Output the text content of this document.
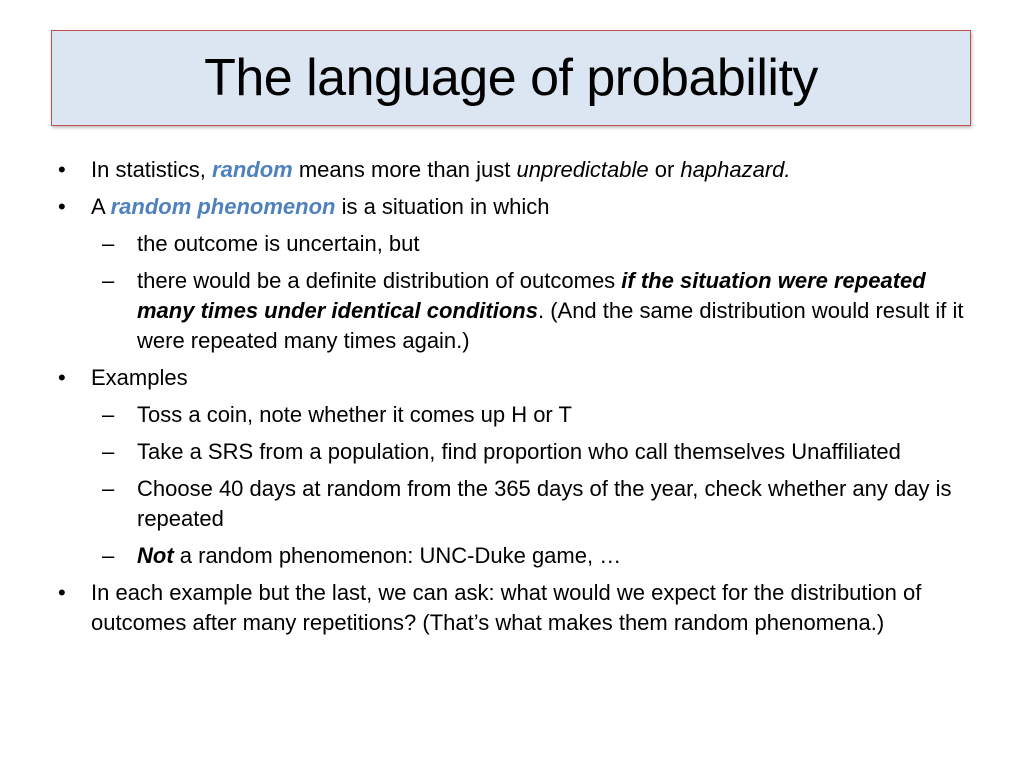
The language of probability
• In statistics, random means more than just unpredictable or haphazard.
• A random phenomenon is a situation in which
– the outcome is uncertain, but
– there would be a definite distribution of outcomes if the situation were repeated many times under identical conditions. (And the same distribution would result if it were repeated many times again.)
• Examples
– Toss a coin, note whether it comes up H or T
– Take a SRS from a population, find proportion who call themselves Unaffiliated
– Choose 40 days at random from the 365 days of the year, check whether any day is repeated
– Not a random phenomenon: UNC-Duke game, …
• In each example but the last, we can ask: what would we expect for the distribution of outcomes after many repetitions? (That’s what makes them random phenomena.)
